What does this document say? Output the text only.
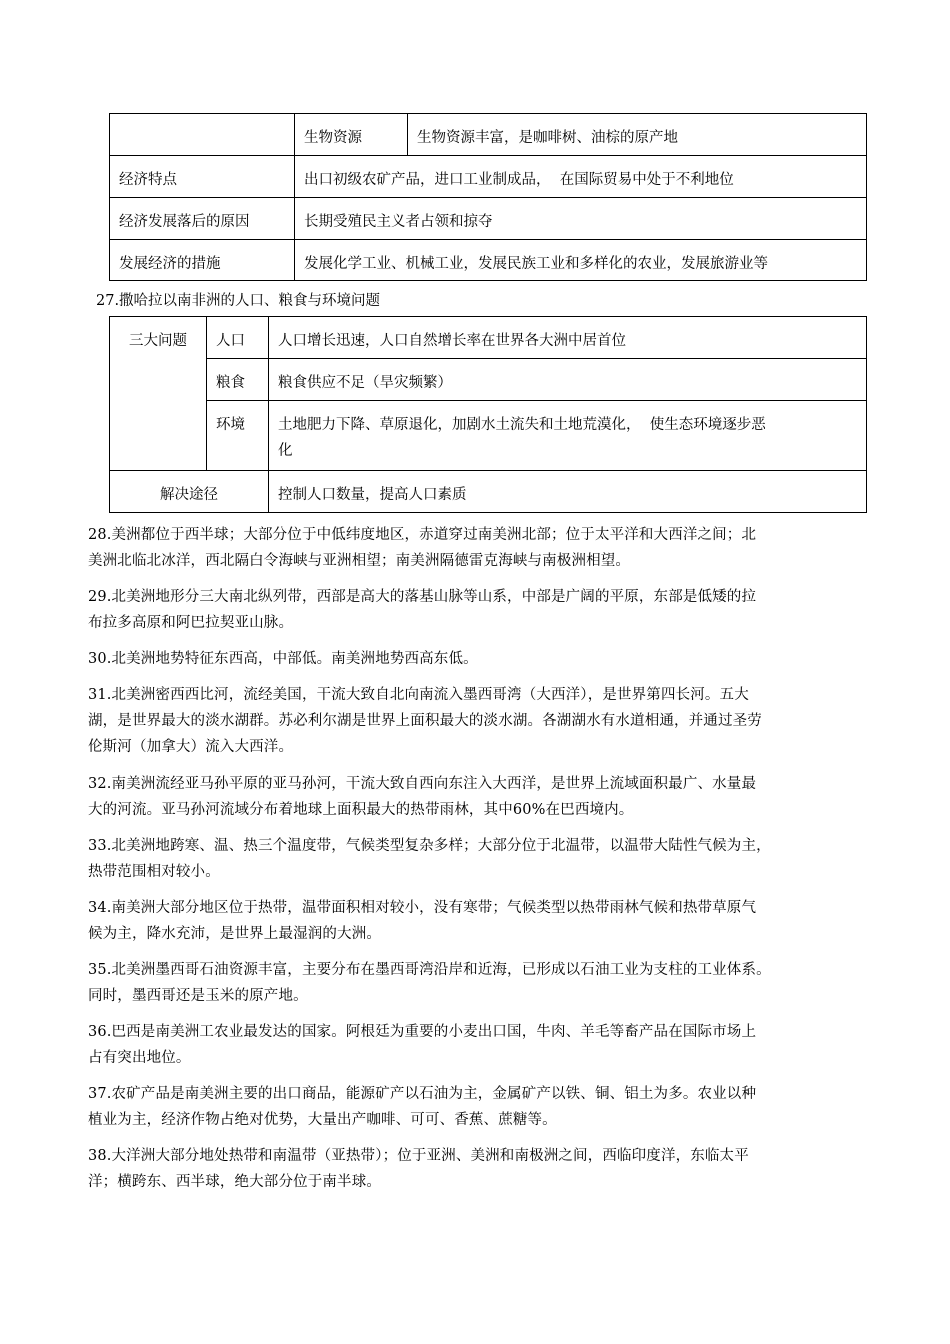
	生物资源	生物资源丰富，是咖啡树、油棕的原产地

经济特点	出口初级农矿产品，进口工业制成品，  在国际贸易中处于不利地位	

经济发展落后的原因	长期受殖民主义者占领和掠夺	

发展经济的措施	发展化学工业、机械工业，发展民族工业和多样化的农业，发展旅游业等	
27.撒哈拉以南非洲的人口、粮食与环境问题
三大问题	人口	人口增长迅速，人口自然增长率在世界各大洲中居首位

	粮食	粮食供应不足（旱灾频繁）

	环境	土地肥力下降、草原退化，加剧水土流失和土地荒漠化，  使生态环境逐步恶
化

解决途径		控制人口数量，提高人口素质
28.美洲都位于西半球；大部分位于中低纬度地区，赤道穿过南美洲北部；位于太平洋和大西洋之间；北
美洲北临北冰洋，西北隔白令海峡与亚洲相望；南美洲隔德雷克海峡与南极洲相望。
29.北美洲地形分三大南北纵列带，西部是高大的落基山脉等山系，中部是广阔的平原，东部是低矮的拉
布拉多高原和阿巴拉契亚山脉。
30.北美洲地势特征东西高，中部低。南美洲地势西高东低。
31.北美洲密西西比河，流经美国，干流大致自北向南流入墨西哥湾（大西洋），是世界第四长河。五大
湖，是世界最大的淡水湖群。苏必利尔湖是世界上面积最大的淡水湖。各湖湖水有水道相通，并通过圣劳
伦斯河（加拿大）流入大西洋。
32.南美洲流经亚马孙平原的亚马孙河，干流大致自西向东注入大西洋，是世界上流域面积最广、水量最
大的河流。亚马孙河流域分布着地球上面积最大的热带雨林，其中60%在巴西境内。
33.北美洲地跨寒、温、热三个温度带，气候类型复杂多样；大部分位于北温带，以温带大陆性气候为主，
热带范围相对较小。
34.南美洲大部分地区位于热带，温带面积相对较小，没有寒带；气候类型以热带雨林气候和热带草原气
候为主，降水充沛，是世界上最湿润的大洲。
35.北美洲墨西哥石油资源丰富，主要分布在墨西哥湾沿岸和近海，已形成以石油工业为支柱的工业体系。
同时，墨西哥还是玉米的原产地。
36.巴西是南美洲工农业最发达的国家。阿根廷为重要的小麦出口国，牛肉、羊毛等畜产品在国际市场上
占有突出地位。
37.农矿产品是南美洲主要的出口商品，能源矿产以石油为主，金属矿产以铁、铜、铝土为多。农业以种
植业为主，经济作物占绝对优势，大量出产咖啡、可可、香蕉、蔗糖等。
38.大洋洲大部分地处热带和南温带（亚热带）；位于亚洲、美洲和南极洲之间，西临印度洋，东临太平
洋；横跨东、西半球，绝大部分位于南半球。
